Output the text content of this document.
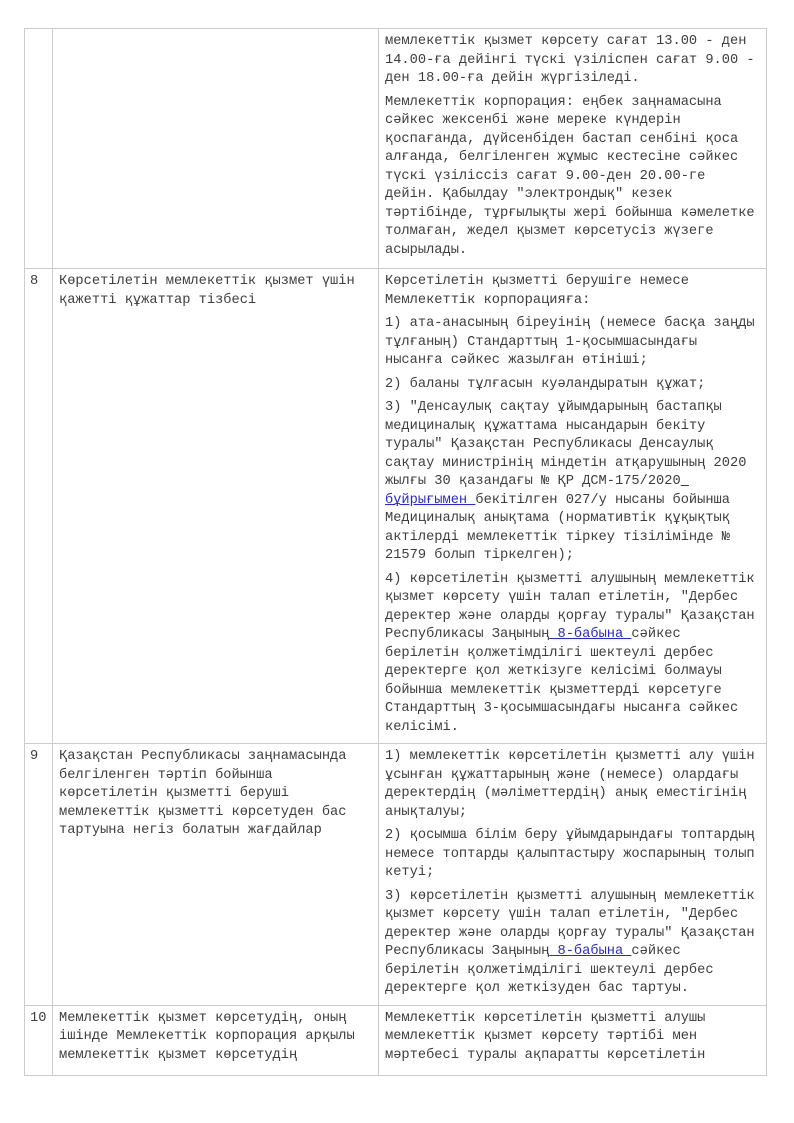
		мемлекеттік қызмет көрсету сағат 13.00 - ден 14.00-ға дейінгі түскі үзіліспен сағат 9.00 - ден 18.00-ға дейін жүргізіледі.

Мемлекеттік корпорация: еңбек заңнамасына сәйкес жексенбі және мереке күндерін қоспағанда, дүйсенбіден бастап сенбіні қоса алғанда, белгіленген жұмыс кестесіне сәйкес түскі үзіліссіз сағат 9.00-ден 20.00-ге дейін. Қабылдау "электрондық" кезек тәртібінде, тұрғылықты жері бойынша кәмелетке толмаған, жедел қызмет көрсетусіз жүзеге асырылады.

8	Көрсетілетін мемлекеттік қызмет үшін қажетті құжаттар тізбесі	Көрсетілетін қызметті берушіге немесе Мемлекеттік корпорацияға:

1) ата-анасының біреуінің (немесе басқа заңды тұлғаның) Стандарттың 1-қосымшасындағы нысанға сәйкес жазылған өтініші;

2) баланы тұлғасын куәландыратын құжат;

3) "Денсаулық сақтау ұйымдарының бастапқы медициналық құжаттама нысандарын бекіту туралы" Қазақстан Республикасы Денсаулық сақтау министрінің міндетін атқарушының 2020 жылғы 30 қазандағы № ҚР ДСМ-175/2020 бұйрығымен бекітілген 027/у нысаны бойынша Медициналық анықтама (нормативтік құқықтық актілерді мемлекеттік тіркеу тізілімінде № 21579 болып тіркелген);

4) көрсетілетін қызметті алушының мемлекеттік қызмет көрсету үшін талап етілетін, "Дербес деректер және оларды қорғау туралы" Қазақстан Республикасы Заңының 8-бабына сәйкес берілетін қолжетімділігі шектеулі дербес деректерге қол жеткізуге келісімі болмауы бойынша мемлекеттік қызметтерді көрсетуге Стандарттың 3-қосымшасындағы нысанға сәйкес келісімі.

9	Қазақстан Республикасы заңнамасында белгіленген тәртіп бойынша көрсетілетін қызметті беруші мемлекеттік қызметті көрсетуден бас тартуына негіз болатын жағдайлар	1) мемлекеттік көрсетілетін қызметті алу үшін ұсынған құжаттарының және (немесе) олардағы деректердің (мәліметтердің) анық еместігінің анықталуы;

2) қосымша білім беру ұйымдарындағы топтардың немесе топтарды қалыптастыру жоспарының толып кетуі;

3) көрсетілетін қызметті алушының мемлекеттік қызмет көрсету үшін талап етілетін, "Дербес деректер және оларды қорғау туралы" Қазақстан Республикасы Заңының 8-бабына сәйкес берілетін қолжетімділігі шектеулі дербес деректерге қол жеткізуден бас тартуы.

10	Мемлекеттік қызмет көрсетудің, оның ішінде Мемлекеттік корпорация арқылы мемлекеттік қызмет көрсетудің	Мемлекеттік көрсетілетін қызметті алушы мемлекеттік қызмет көрсету тәртібі мен мәртебесі туралы ақпаратты көрсетілетін
